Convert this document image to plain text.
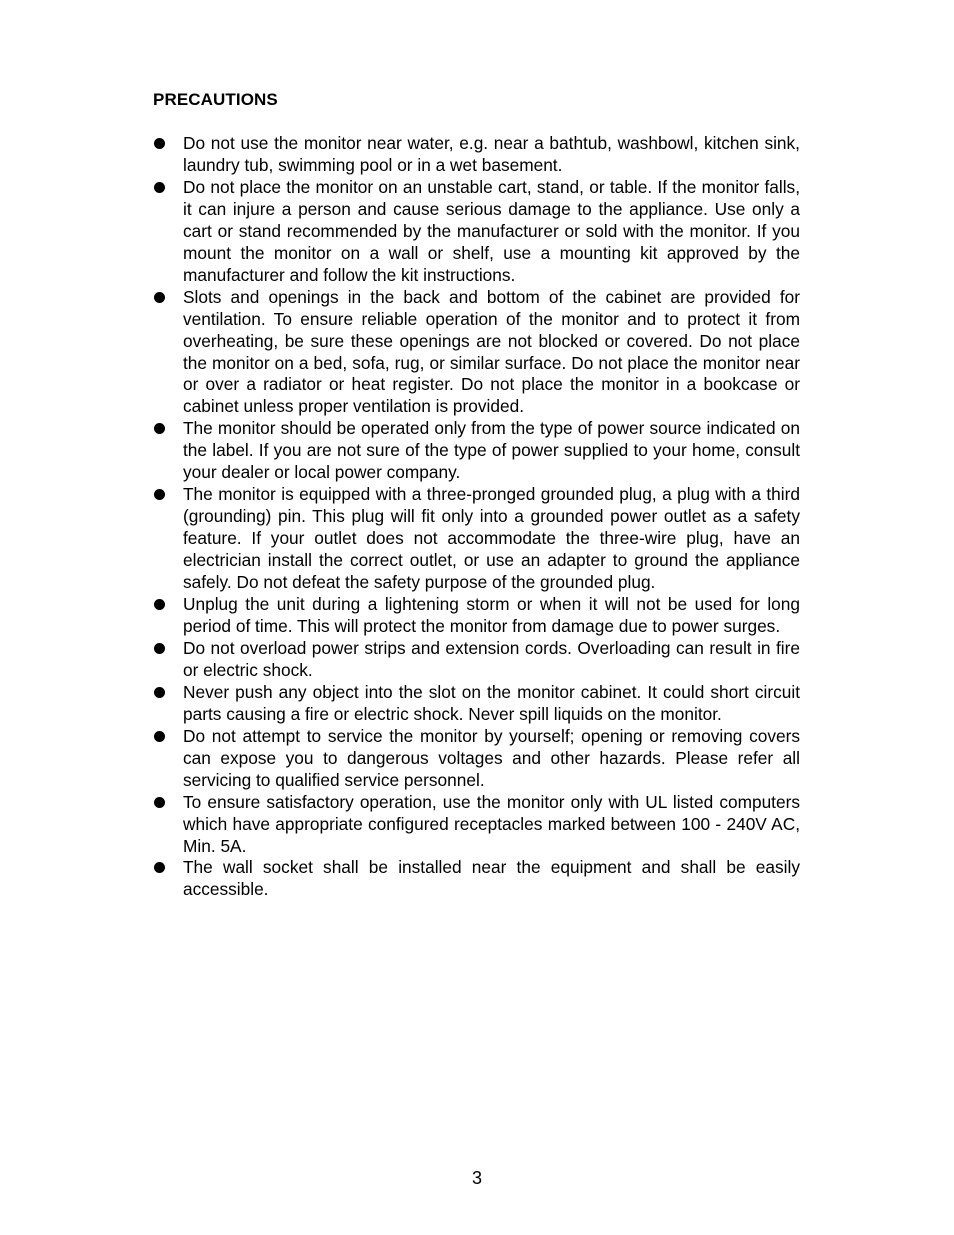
PRECAUTIONS
Do not use the monitor near water, e.g. near a bathtub, washbowl, kitchen sink, laundry tub, swimming pool or in a wet basement.
Do not place the monitor on an unstable cart, stand, or table. If the monitor falls, it can injure a person and cause serious damage to the appliance. Use only a cart or stand recommended by the manufacturer or sold with the monitor. If you mount the monitor on a wall or shelf, use a mounting kit approved by the manufacturer and follow the kit instructions.
Slots and openings in the back and bottom of the cabinet are provided for ventilation. To ensure reliable operation of the monitor and to protect it from overheating, be sure these openings are not blocked or covered. Do not place the monitor on a bed, sofa, rug, or similar surface. Do not place the monitor near or over a radiator or heat register. Do not place the monitor in a bookcase or cabinet unless proper ventilation is provided.
The monitor should be operated only from the type of power source indicated on the label. If you are not sure of the type of power supplied to your home, consult your dealer or local power company.
The monitor is equipped with a three-pronged grounded plug, a plug with a third (grounding) pin. This plug will fit only into a grounded power outlet as a safety feature. If your outlet does not accommodate the three-wire plug, have an electrician install the correct outlet, or use an adapter to ground the appliance safely. Do not defeat the safety purpose of the grounded plug.
Unplug the unit during a lightening storm or when it will not be used for long period of time. This will protect the monitor from damage due to power surges.
Do not overload power strips and extension cords. Overloading can result in fire or electric shock.
Never push any object into the slot on the monitor cabinet. It could short circuit parts causing a fire or electric shock. Never spill liquids on the monitor.
Do not attempt to service the monitor by yourself; opening or removing covers can expose you to dangerous voltages and other hazards. Please refer all servicing to qualified service personnel.
To ensure satisfactory operation, use the monitor only with UL listed computers which have appropriate configured receptacles marked between 100 - 240V AC, Min. 5A.
The wall socket shall be installed near the equipment and shall be easily accessible.
3
